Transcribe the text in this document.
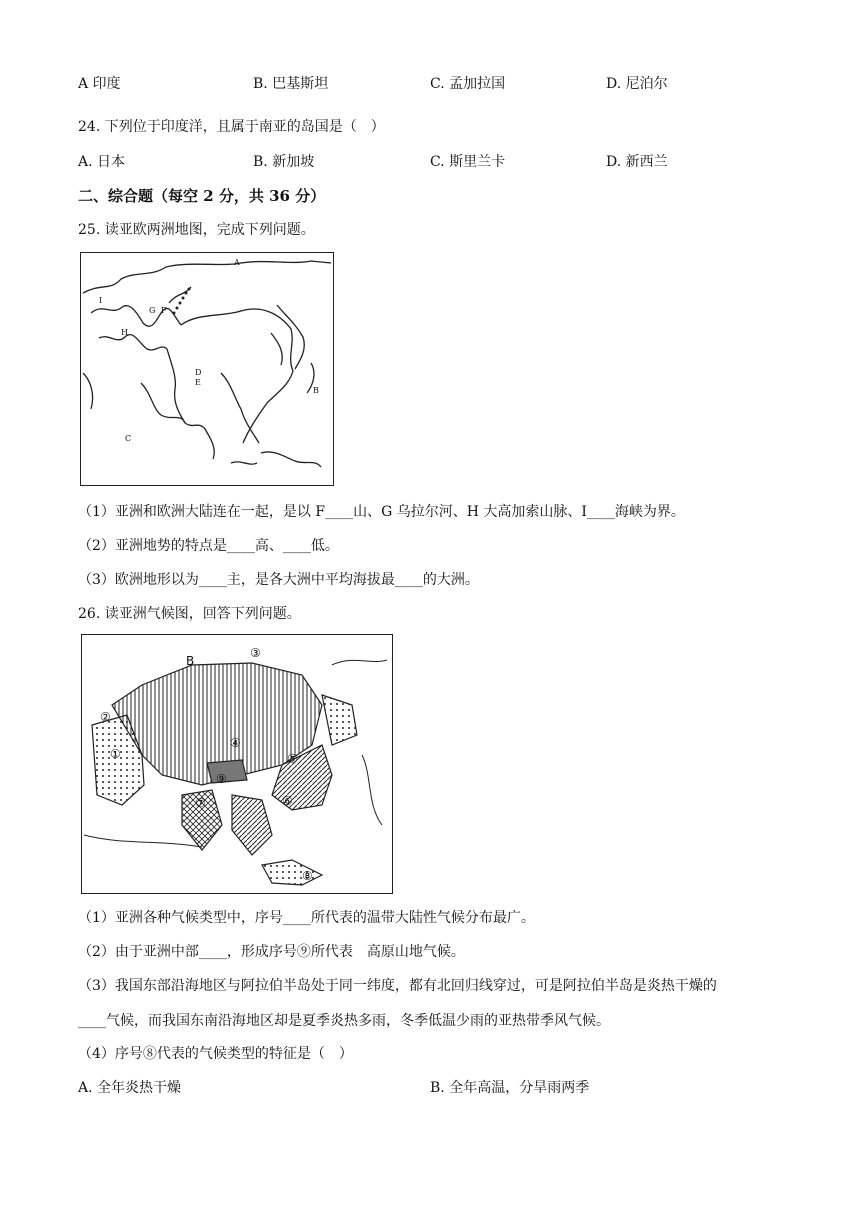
A 印度	B. 巴基斯坦	C. 孟加拉国	D. 尼泊尔
24. 下列位于印度洋，且属于南亚的岛国是（　）
A. 日本	B. 新加坡	C. 斯里兰卡	D. 新西兰
二、综合题（每空 2 分，共 36 分）
25. 读亚欧两洲地图，完成下列问题。
A
B
C
D
E
F
G
H
I
（1）亚洲和欧洲大陆连在一起，是以 F____山、G 乌拉尔河、H 大高加索山脉、I____海峡为界。
（2）亚洲地势的特点是____高、____低。
（3）欧洲地形以为____主，是各大洲中平均海拔最____的大洲。
26. 读亚洲气候图，回答下列问题。
①
②
③
④
⑤
⑥
⑦
⑧
⑨
B
（1）亚洲各种气候类型中，序号____所代表的温带大陆性气候分布最广。
（2）由于亚洲中部____，形成序号⑨所代表　高原山地气候。
（3）我国东部沿海地区与阿拉伯半岛处于同一纬度，都有北回归线穿过，可是阿拉伯半岛是炎热干燥的
____气候，而我国东南沿海地区却是夏季炎热多雨，冬季低温少雨的亚热带季风气候。
（4）序号⑧代表的气候类型的特征是（　）
A. 全年炎热干燥	B. 全年高温，分旱雨两季
